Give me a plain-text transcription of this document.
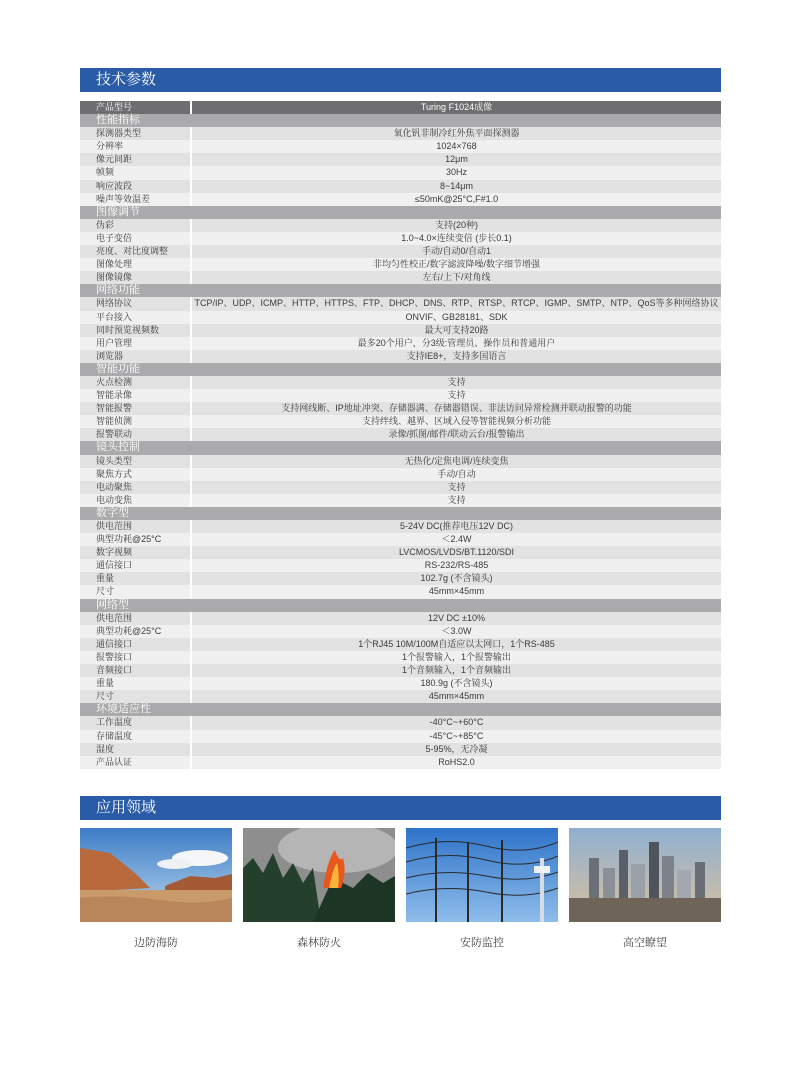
技术参数
产品型号	Turing F1024成像
性能指标
探测器类型	氧化钒非制冷红外焦平面探测器
分辨率	1024×768
像元间距	12μm
帧频	30Hz
响应波段	8~14μm
噪声等效温差	≤50mK@25°C,F#1.0
图像调节
伪彩	支持(20种)
电子变倍	1.0~4.0×连续变倍 (步长0.1)
亮度、对比度调整	手动/自动0/自动1
图像处理	非均匀性校正/数字滤波降噪/数字细节增强
图像镜像	左右/上下/对角线
网络功能
网络协议	TCP/IP、UDP、ICMP、HTTP、HTTPS、FTP、DHCP、DNS、RTP、RTSP、RTCP、IGMP、SMTP、NTP、QoS等多种网络协议
平台接入	ONVIF、GB28181、SDK
同时预览视频数	最大可支持20路
用户管理	最多20个用户，分3级:管理员、操作员和普通用户
浏览器	支持IE8+，支持多国语言
智能功能
火点检测	支持
智能录像	支持
智能报警	支持网线断、IP地址冲突、存储器满、存储器错误、非法访问异常检测并联动报警的功能
智能侦测	支持绊线、越界、区域入侵等智能视频分析功能
报警联动	录像/抓图/邮件/联动云台/报警输出
镜头控制
镜头类型	无热化/定焦电调/连续变焦
聚焦方式	手动/自动
电动聚焦	支持
电动变焦	支持
数字型
供电范围	5-24V DC(推荐电压12V DC)
典型功耗@25°C	＜2.4W
数字视频	LVCMOS/LVDS/BT.1120/SDI
通信接口	RS-232/RS-485
重量	102.7g (不含镜头)
尺寸	45mm×45mm
网络型
供电范围	12V DC ±10%
典型功耗@25°C	＜3.0W
通信接口	1个RJ45 10M/100M自适应以太网口，1个RS-485
报警接口	1个报警输入，1个报警输出
音频接口	1个音频输入，1个音频输出
重量	180.9g (不含镜头)
尺寸	45mm×45mm
环境适应性
工作温度	-40°C~+60°C
存储温度	-45°C~+85°C
湿度	5-95%，无冷凝
产品认证	RoHS2.0
应用领域
边防海防	森林防火	安防监控	高空瞭望
